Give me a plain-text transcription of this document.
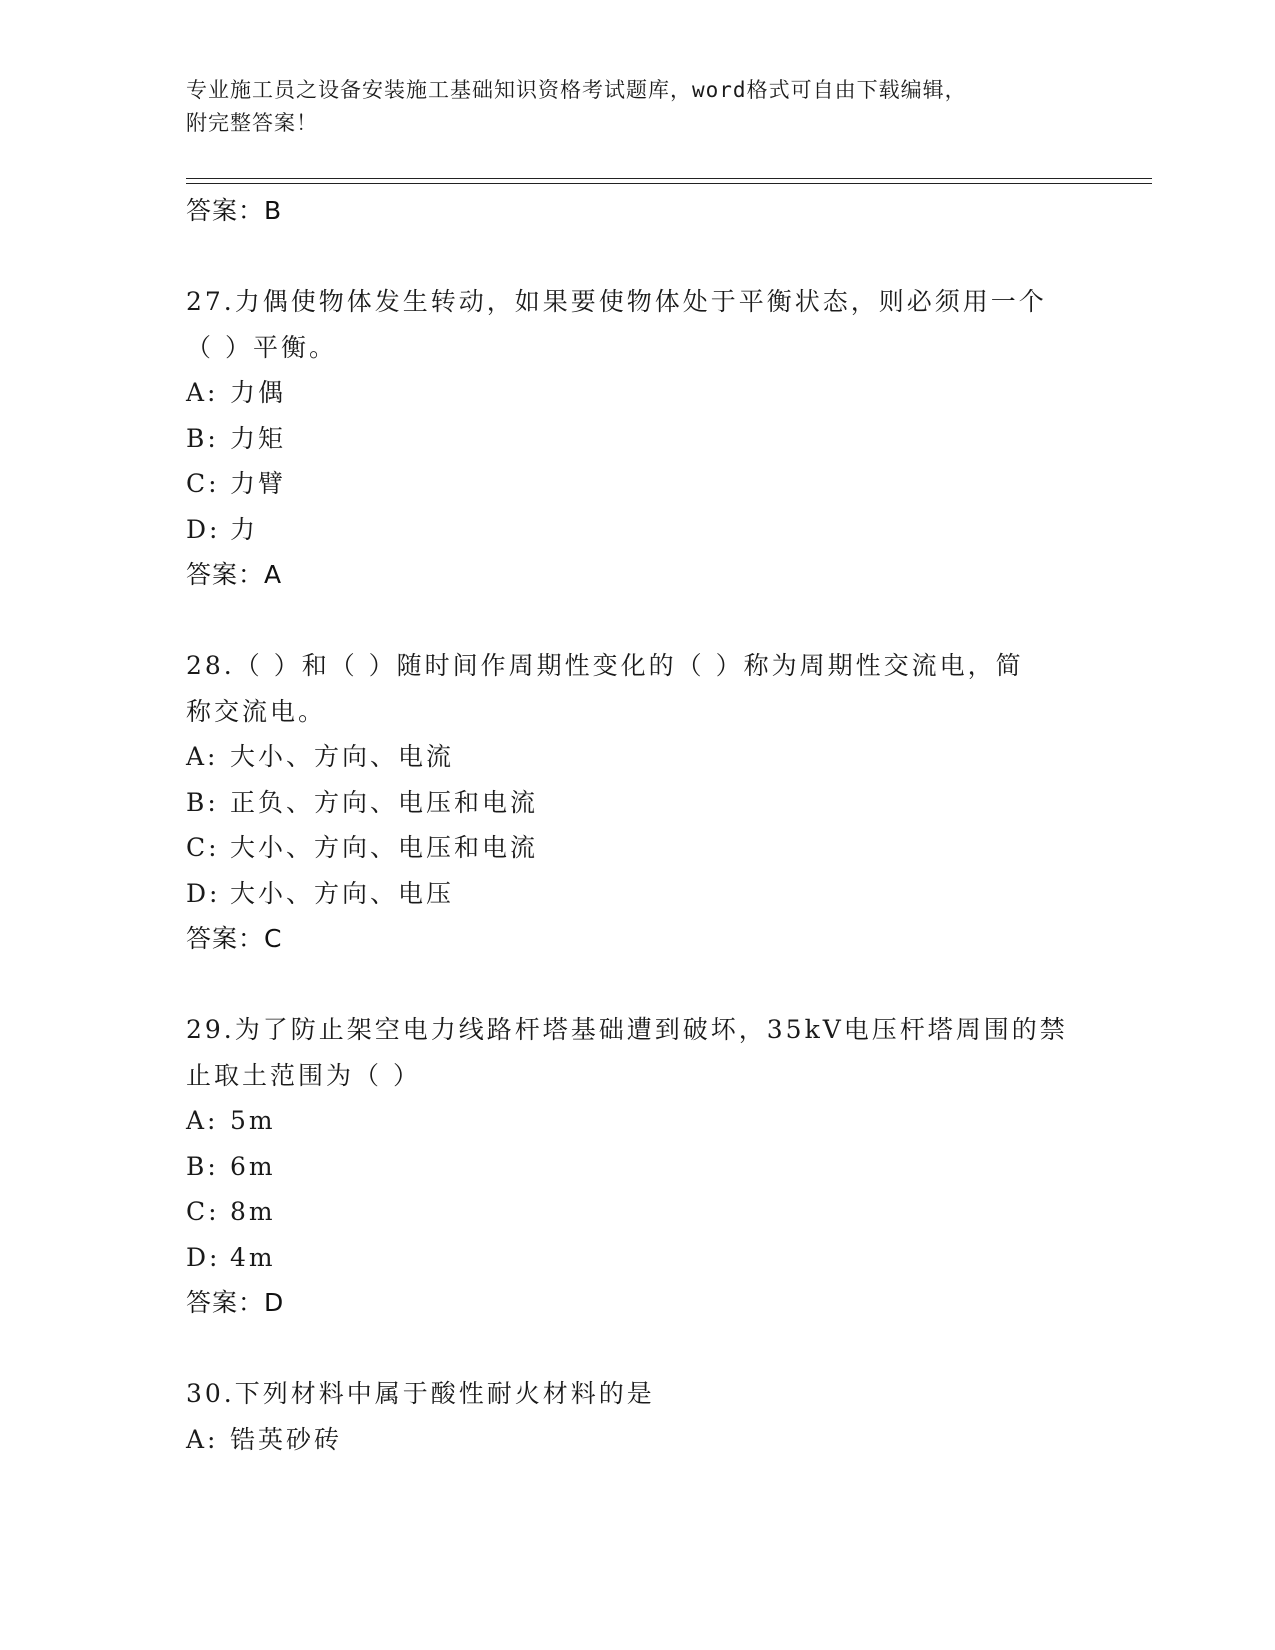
专业施工员之设备安装施工基础知识资格考试题库，word格式可自由下载编辑，
附完整答案！
答案：B
27.力偶使物体发生转动，如果要使物体处于平衡状态，则必须用一个
（ ）平衡。
A: 力偶
B: 力矩
C: 力臂
D: 力
答案：A
28.（ ）和（ ）随时间作周期性变化的（ ）称为周期性交流电，简
称交流电。
A: 大小、方向、电流
B: 正负、方向、电压和电流
C: 大小、方向、电压和电流
D: 大小、方向、电压
答案：C
29.为了防止架空电力线路杆塔基础遭到破坏，35kV电压杆塔周围的禁
止取土范围为（ ）
A: 5m
B: 6m
C: 8m
D: 4m
答案：D
30.下列材料中属于酸性耐火材料的是
A: 锆英砂砖
